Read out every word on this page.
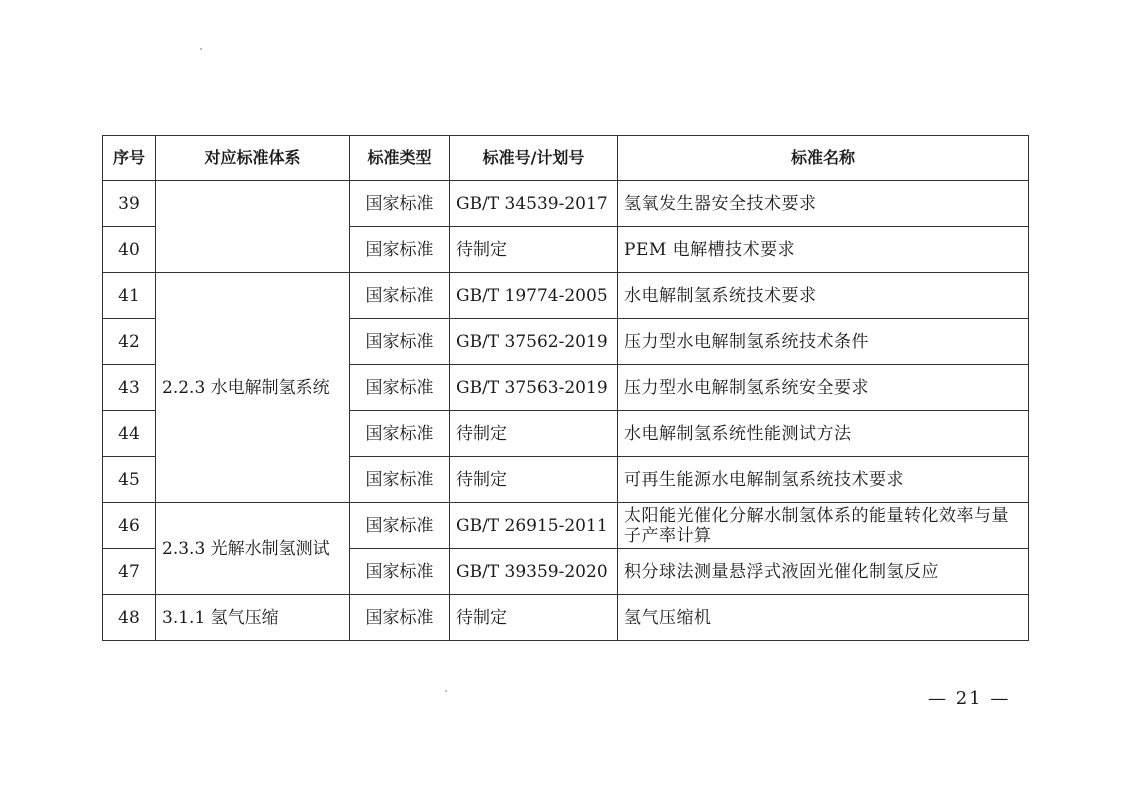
序号	对应标准体系	标准类型	标准号/计划号	标准名称
39		国家标准	GB/T 34539-2017	氢氧发生器安全技术要求
40		国家标准	待制定	PEM 电解槽技术要求
41	2.2.3 水电解制氢系统	国家标准	GB/T 19774-2005	水电解制氢系统技术要求
42		国家标准	GB/T 37562-2019	压力型水电解制氢系统技术条件
43		国家标准	GB/T 37563-2019	压力型水电解制氢系统安全要求
44		国家标准	待制定	水电解制氢系统性能测试方法
45		国家标准	待制定	可再生能源水电解制氢系统技术要求
46	2.3.3 光解水制氢测试	国家标准	GB/T 26915-2011	太阳能光催化分解水制氢体系的能量转化效率与量子产率计算
47		国家标准	GB/T 39359-2020	积分球法测量悬浮式液固光催化制氢反应
48	3.1.1 氢气压缩	国家标准	待制定	氢气压缩机
— 21 —
